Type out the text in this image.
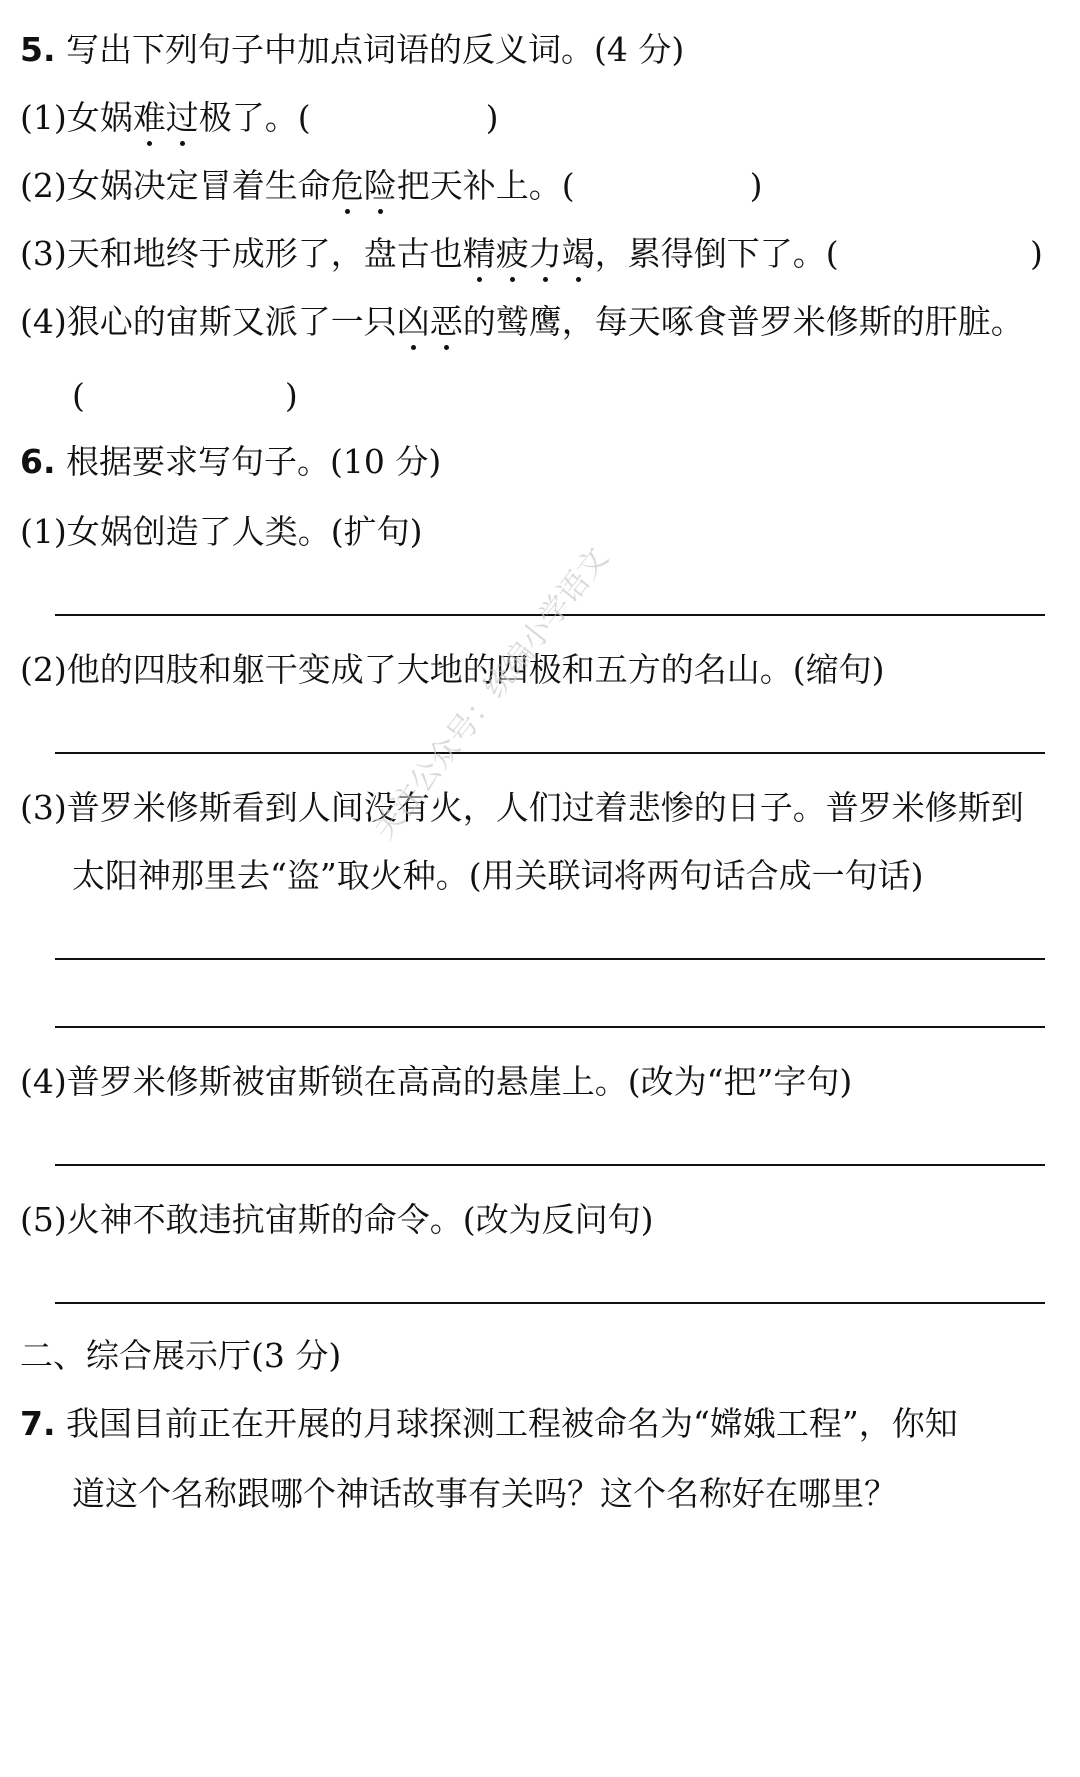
5. 写出下列句子中加点词语的反义词。(4 分)
(1)女娲难过极了。(	)
(2)女娲决定冒着生命危险把天补上。(	)
(3)天和地终于成形了，盘古也精疲力竭，累得倒下了。(	)
(4)狠心的宙斯又派了一只凶恶的鹫鹰，每天啄食普罗米修斯的肝脏。
(	)
6. 根据要求写句子。(10 分)
(1)女娲创造了人类。(扩句)
(2)他的四肢和躯干变成了大地的四极和五方的名山。(缩句)
(3)普罗米修斯看到人间没有火，人们过着悲惨的日子。普罗米修斯到
太阳神那里去“盗”取火种。(用关联词将两句话合成一句话)
(4)普罗米修斯被宙斯锁在高高的悬崖上。(改为“把”字句)
(5)火神不敢违抗宙斯的命令。(改为反问句)
二、综合展示厅(3 分)
7. 我国目前正在开展的月球探测工程被命名为“嫦娥工程”，你知
道这个名称跟哪个神话故事有关吗？这个名称好在哪里？
关注公众号：统编小学语文
